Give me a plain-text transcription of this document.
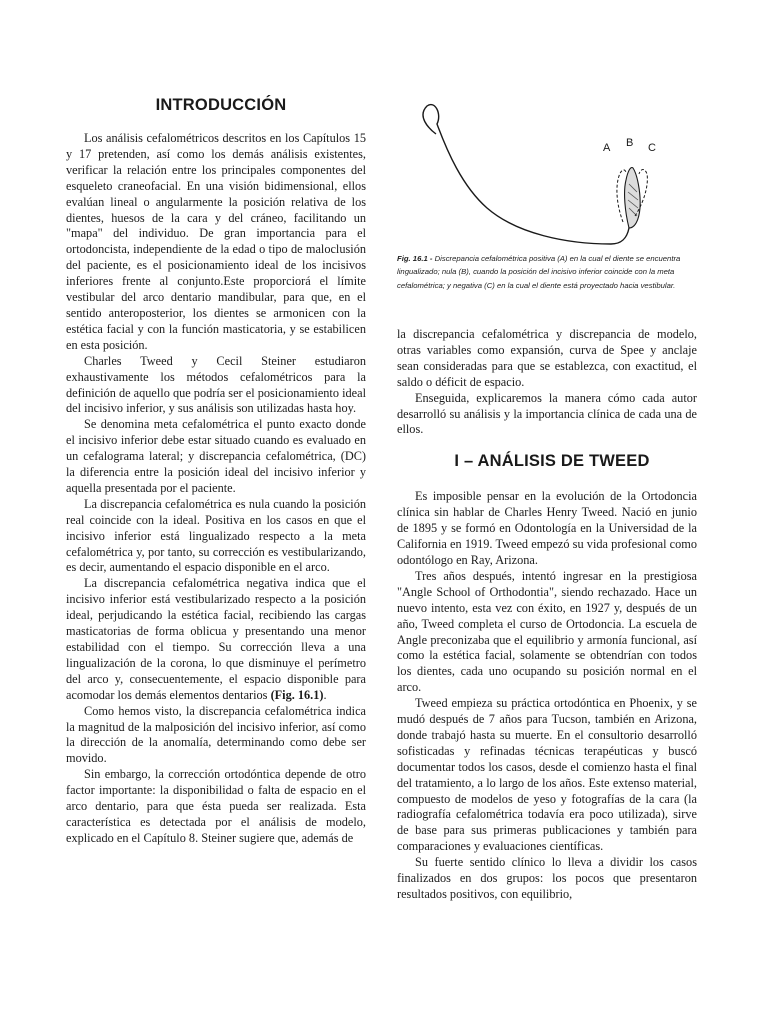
INTRODUCCIÓN

Los análisis cefalométricos descritos en los Capítulos 15 y 17 pretenden, así como los demás análisis existentes, verificar la relación entre los principales componentes del esqueleto craneofacial. En una visión bidimensional, ellos evalúan lineal o angularmente la posición relativa de los dientes, huesos de la cara y del cráneo, facilitando un "mapa" del individuo. De gran importancia para el ortodoncista, independiente de la edad o tipo de maloclusión del paciente, es el posicionamiento ideal de los incisivos inferiores frente al conjunto.Este proporciorá el límite vestibular del arco dentario mandibular, para que, en el sentido anteroposterior, los dientes se armonicen con la estética facial y con la función masticatoria, y se estabilicen en esta posición.

Charles Tweed y Cecil Steiner estudiaron exhaustivamente los métodos cefalométricos para la definición de aquello que podría ser el posicionamiento ideal del incisivo inferior, y sus análisis son utilizadas hasta hoy.

Se denomina meta cefalométrica el punto exacto donde el incisivo inferior debe estar situado cuando es evaluado en un cefalograma lateral; y discrepancia cefalométrica, (DC) la diferencia entre la posición ideal del incisivo inferior y aquella presentada por el paciente.

La discrepancia cefalométrica es nula cuando la posición real coincide con la ideal. Positiva en los casos en que el incisivo inferior está lingualizado respecto a la meta cefalométrica y, por tanto, su corrección es vestibularizando, es decir, aumentando el espacio disponible en el arco.

La discrepancia cefalométrica negativa indica que el incisivo inferior está vestibularizado respecto a la posición ideal, perjudicando la estética facial, recibiendo las cargas masticatorias de forma oblicua y presentando una menor estabilidad con el tiempo. Su corrección lleva a una lingualización de la corona, lo que disminuye el perímetro del arco y, consecuentemente, el espacio disponible para acomodar los demás elementos dentarios (Fig. 16.1).

Como hemos visto, la discrepancia cefalométrica indica la magnitud de la malposición del incisivo inferior, así como la dirección de la anomalía, determinando como debe ser movido.

Sin embargo, la corrección ortodóntica depende de otro factor importante: la disponibilidad o falta de espacio en el arco dentario, para que ésta pueda ser realizada. Esta característica es detectada por el análisis de modelo, explicado en el Capítulo 8. Steiner sugiere que, además de

A B C
Fig. 16.1 - Discrepancia cefalométrica positiva (A) en la cual el diente se encuentra lingualizado; nula (B), cuando la posición del incisivo inferior coincide con la meta cefalométrica; y negativa (C) en la cual el diente está proyectado hacia vestibular.

la discrepancia cefalométrica y discrepancia de modelo, otras variables como expansión, curva de Spee y anclaje sean consideradas para que se establezca, con exactitud, el saldo o déficit de espacio.

Enseguida, explicaremos la manera cómo cada autor desarrolló su análisis y la importancia clínica de cada una de ellos.

I – ANÁLISIS DE TWEED

Es imposible pensar en la evolución de la Ortodoncia clínica sin hablar de Charles Henry Tweed. Nació en junio de 1895 y se formó en Odontología en la Universidad de la California en 1919. Tweed empezó su vida profesional como odontólogo en Ray, Arizona.

Tres años después, intentó ingresar en la prestigiosa "Angle School of Orthodontia", siendo rechazado. Hace un nuevo intento, esta vez con éxito, en 1927 y, después de un año, Tweed completa el curso de Ortodoncia. La escuela de Angle preconizaba que el equilibrio y armonía funcional, así como la estética facial, solamente se obtendrían con todos los dientes, cada uno ocupando su posición normal en el arco.

Tweed empieza su práctica ortodóntica en Phoenix, y se mudó después de 7 años para Tucson, también en Arizona, donde trabajó hasta su muerte. En el consultorio desarrolló sofisticadas y refinadas técnicas terapéuticas y buscó documentar todos los casos, desde el comienzo hasta el final del tratamiento, a lo largo de los años. Este extenso material, compuesto de modelos de yeso y fotografías de la cara (la radiografía cefalométrica todavía era poco utilizada), sirve de base para sus primeras publicaciones y también para comparaciones y evaluaciones científicas.

Su fuerte sentido clínico lo lleva a dividir los casos finalizados en dos grupos: los pocos que presentaron resultados positivos, con equilibrio,
